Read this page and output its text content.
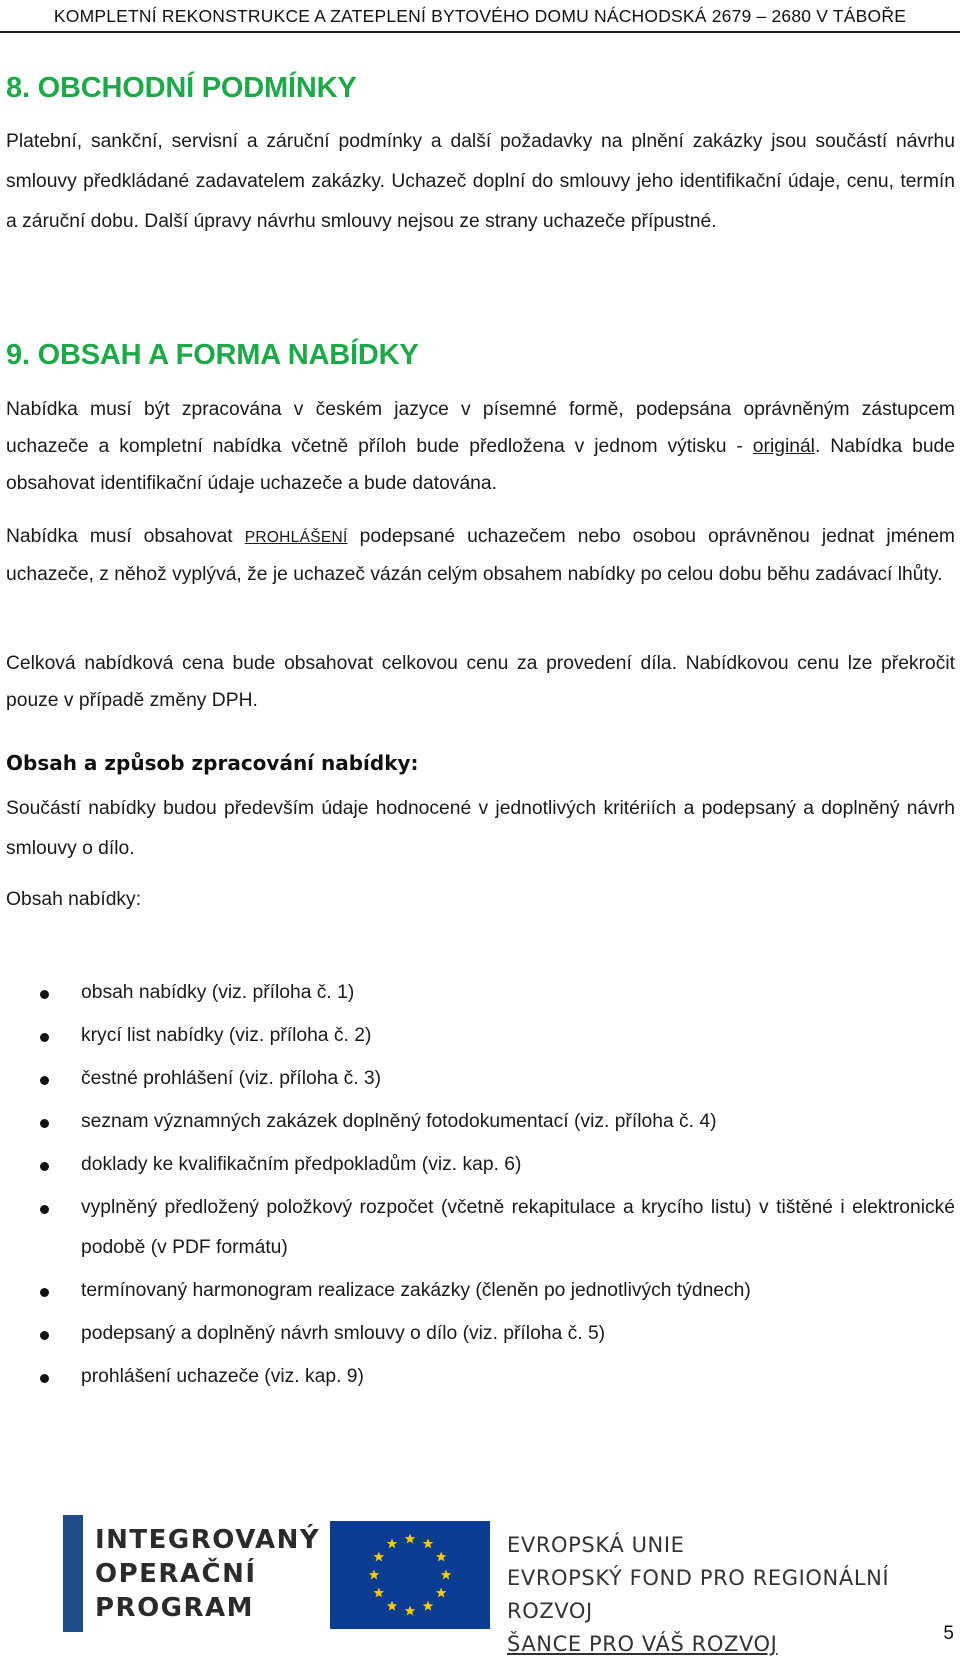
KOMPLETNÍ REKONSTRUKCE A ZATEPLENÍ BYTOVÉHO DOMU NÁCHODSKÁ 2679 – 2680 V TÁBOŘE
8. OBCHODNÍ PODMÍNKY

Platební, sankční, servisní a záruční podmínky a další požadavky na plnění zakázky jsou součástí návrhu smlouvy předkládané zadavatelem zakázky. Uchazeč doplní do smlouvy jeho identifikační údaje, cenu, termín a záruční dobu. Další úpravy návrhu smlouvy nejsou ze strany uchazeče přípustné.

9. OBSAH A FORMA NABÍDKY

Nabídka musí být zpracována v českém jazyce v písemné formě, podepsána oprávněným zástupcem uchazeče a kompletní nabídka včetně příloh bude předložena v jednom výtisku - originál. Nabídka bude obsahovat identifikační údaje uchazeče a bude datována.

Nabídka musí obsahovat PROHLÁŠENÍ podepsané uchazečem nebo osobou oprávněnou jednat jménem uchazeče, z něhož vyplývá, že je uchazeč vázán celým obsahem nabídky po celou dobu běhu zadávací lhůty.

Celková nabídková cena bude obsahovat celkovou cenu za provedení díla. Nabídkovou cenu lze překročit pouze v případě změny DPH.

Obsah a způsob zpracování nabídky:

Součástí nabídky budou především údaje hodnocené v jednotlivých kritériích a podepsaný a doplněný návrh smlouvy o dílo.

Obsah nabídky:

obsah nabídky (viz. příloha č. 1)
krycí list nabídky (viz. příloha č. 2)
čestné prohlášení (viz. příloha č. 3)
seznam významných zakázek doplněný fotodokumentací (viz. příloha č. 4)
doklady ke kvalifikačním předpokladům (viz. kap. 6)
vyplněný předložený položkový rozpočet (včetně rekapitulace a krycího listu) v tištěné i elektronické podobě (v PDF formátu)
termínovaný harmonogram realizace zakázky (členěn po jednotlivých týdnech)
podepsaný a doplněný návrh smlouvy o dílo (viz. příloha č. 5)
prohlášení uchazeče (viz. kap. 9)
INTEGROVANÝ
OPERAČNÍ
PROGRAM
EVROPSKÁ UNIE
EVROPSKÝ FOND PRO REGIONÁLNÍ ROZVOJ
ŠANCE PRO VÁŠ ROZVOJ	5
